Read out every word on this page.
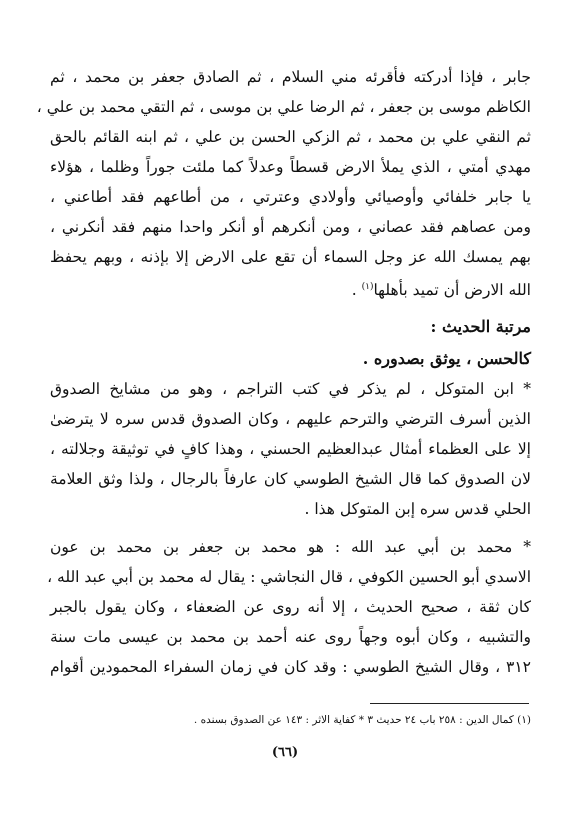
جابر ، فإذا أدركته فأقرئه مني السلام ، ثم الصادق جعفر بن محمد ، ثم
الكاظم موسى بن جعفر ، ثم الرضا علي بن موسى ، ثم التقي محمد بن علي ،
ثم النقي علي بن محمد ، ثم الزكي الحسن بن علي ، ثم ابنه القائم بالحق
مهدي أمتي ، الذي يملأ الارض قسطاً وعدلاً كما ملئت جوراً وظلما ، هؤلاء
يا جابر خلفائي وأوصيائي وأولادي وعترتي ، من أطاعهم فقد أطاعني ،
ومن عصاهم فقد عصاني ، ومن أنكرهم أو أنكر واحدا منهم فقد أنكرني ،
بهم يمسك الله عز وجل السماء أن تقع على الارض إلا بإذنه ، وبهم يحفظ
الله الارض أن تميد بأهلها$^{(١)}$ .
مرتبة الحديث :
كالحسن ، يوثق بصدوره .
* ابن المتوكل ، لم يذكر في كتب التراجم ، وهو من مشايخ الصدوق
الذين أسرف الترضي والترحم عليهم ، وكان الصدوق قدس سره لا يترضىٰ
إلا على العظماء أمثال عبدالعظيم الحسني ، وهذا كافٍ في توثيقة وجلالته ،
لان الصدوق كما قال الشيخ الطوسي كان عارفاً بالرجال ، ولذا وثق العلامة
الحلي قدس سره إبن المتوكل هذا .
* محمد بن أبي عبد الله : هو محمد بن جعفر بن محمد بن عون
الاسدي أبو الحسين الكوفي ، قال النجاشي : يقال له محمد بن أبي عبد الله ،
كان ثقة ، صحيح الحديث ، إلا أنه روى عن الضعفاء ، وكان يقول بالجبر
والتشبيه ، وكان أبوه وجهاً روى عنه أحمد بن محمد بن عيسى مات سنة
٣١٢ ، وقال الشيخ الطوسي : وقد كان في زمان السفراء المحمودين أقوام
(١) كمال الدين : ٢٥٨ باب ٢٤ حديث ٣ * كفاية الاثر : ١٤٣ عن الصدوق بسنده .
(٦٦)
